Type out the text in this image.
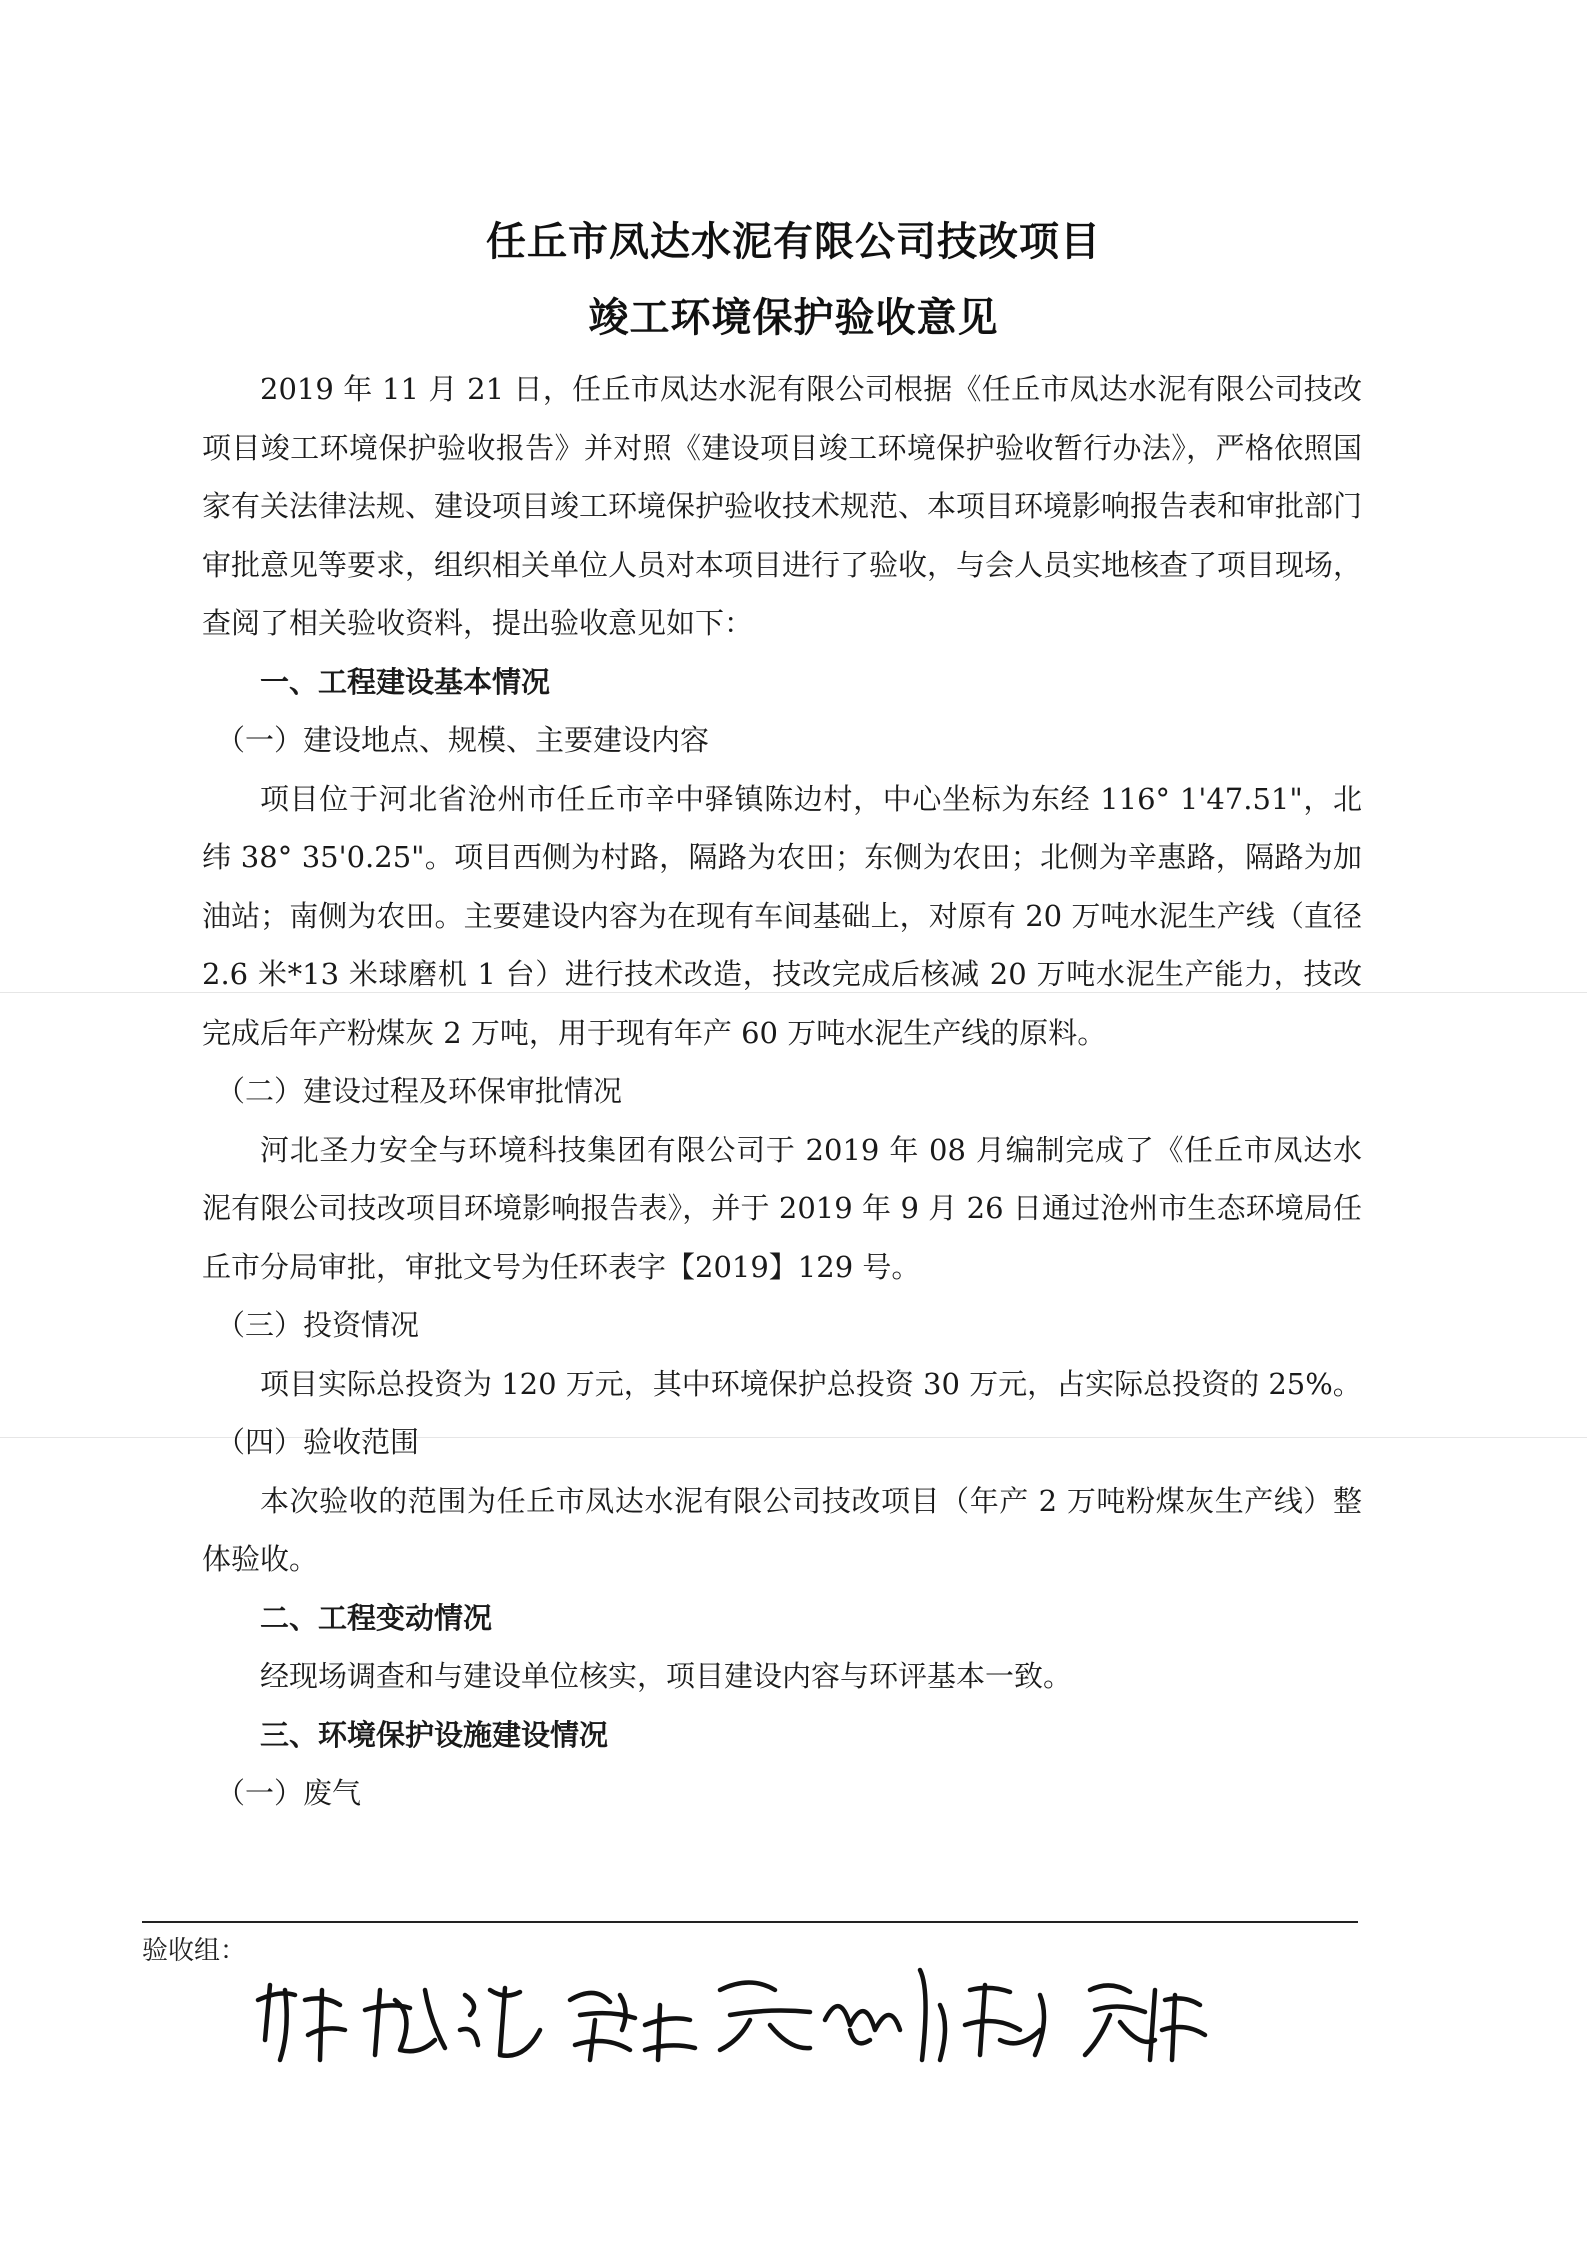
任丘市凤达水泥有限公司技改项目
竣工环境保护验收意见

2019 年 11 月 21 日，任丘市凤达水泥有限公司根据《任丘市凤达水泥有限公司技改项目竣工环境保护验收报告》并对照《建设项目竣工环境保护验收暂行办法》，严格依照国家有关法律法规、建设项目竣工环境保护验收技术规范、本项目环境影响报告表和审批部门审批意见等要求，组织相关单位人员对本项目进行了验收，与会人员实地核查了项目现场，查阅了相关验收资料，提出验收意见如下：

一、工程建设基本情况

（一）建设地点、规模、主要建设内容

项目位于河北省沧州市任丘市辛中驿镇陈边村，中心坐标为东经 116° 1'47.51"，北纬 38° 35'0.25"。项目西侧为村路，隔路为农田；东侧为农田；北侧为辛惠路，隔路为加油站；南侧为农田。主要建设内容为在现有车间基础上，对原有 20 万吨水泥生产线（直径 2.6 米*13 米球磨机 1 台）进行技术改造，技改完成后核减 20 万吨水泥生产能力，技改完成后年产粉煤灰 2 万吨，用于现有年产 60 万吨水泥生产线的原料。

（二）建设过程及环保审批情况

河北圣力安全与环境科技集团有限公司于 2019 年 08 月编制完成了《任丘市凤达水泥有限公司技改项目环境影响报告表》，并于 2019 年 9 月 26 日通过沧州市生态环境局任丘市分局审批，审批文号为任环表字【2019】129 号。

（三）投资情况

项目实际总投资为 120 万元，其中环境保护总投资 30 万元，占实际总投资的 25%。

（四）验收范围

本次验收的范围为任丘市凤达水泥有限公司技改项目（年产 2 万吨粉煤灰生产线）整体验收。

二、工程变动情况

经现场调查和与建设单位核实，项目建设内容与环评基本一致。

三、环境保护设施建设情况

（一）废气

验收组：
